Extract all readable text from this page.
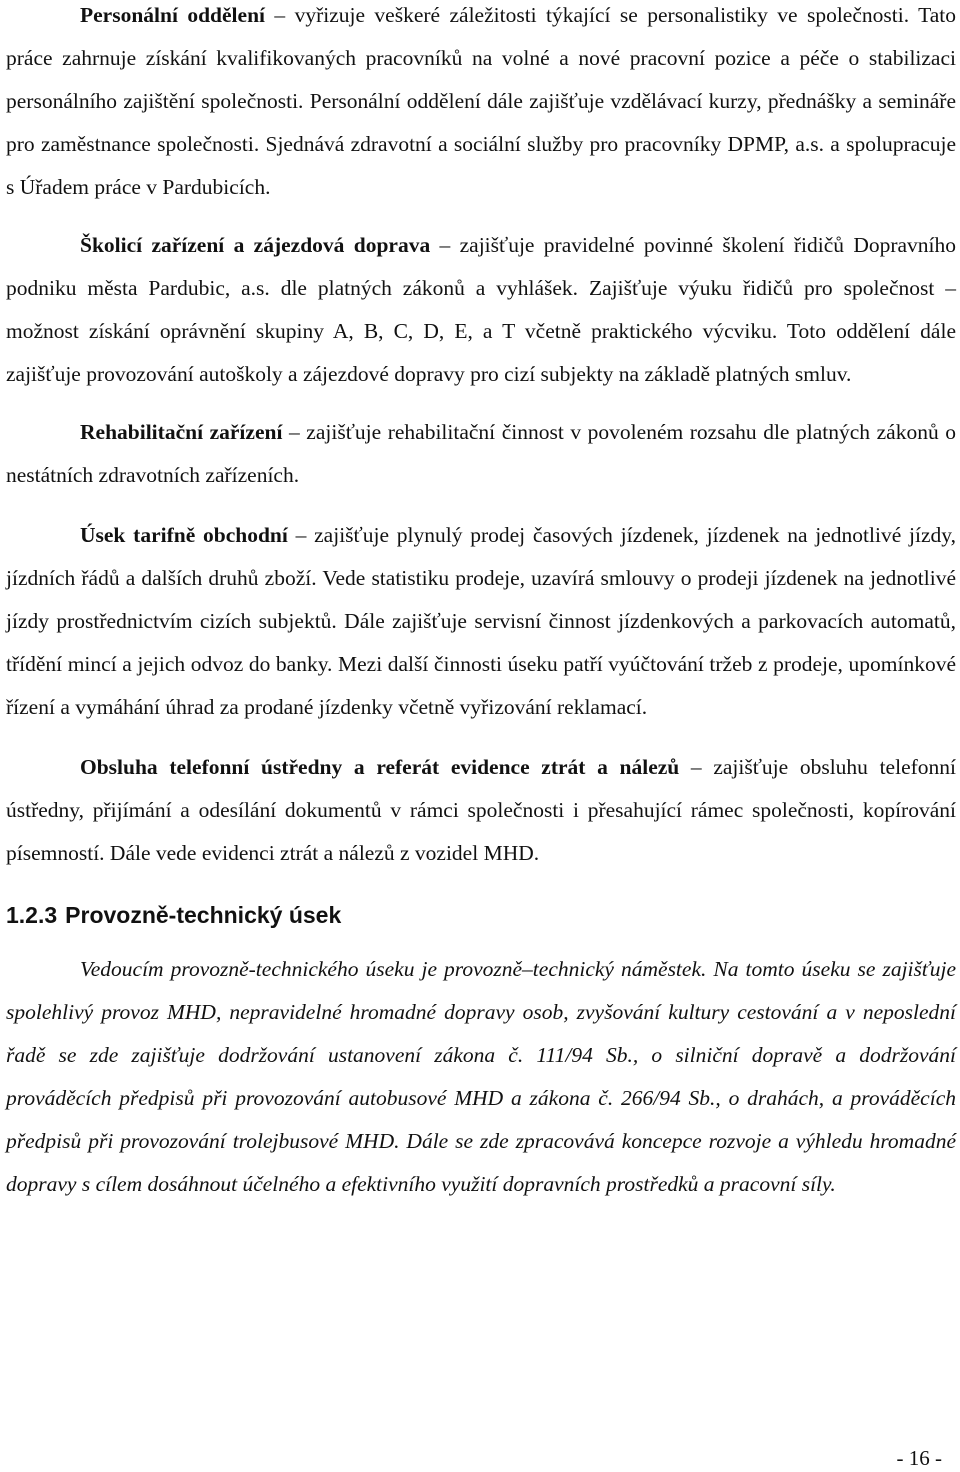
Personální oddělení – vyřizuje veškeré záležitosti týkající se personalistiky ve společnosti. Tato práce zahrnuje získání kvalifikovaných pracovníků na volné a nové pracovní pozice a péče o stabilizaci personálního zajištění společnosti. Personální oddělení dále zajišťuje vzdělávací kurzy, přednášky a semináře pro zaměstnance společnosti. Sjednává zdravotní a sociální služby pro pracovníky DPMP, a.s. a spolupracuje s Úřadem práce v Pardubicích.

Školicí zařízení a zájezdová doprava – zajišťuje pravidelné povinné školení řidičů Dopravního podniku města Pardubic, a.s. dle platných zákonů a vyhlášek. Zajišťuje výuku řidičů pro společnost – možnost získání oprávnění skupiny A, B, C, D, E, a T včetně praktického výcviku. Toto oddělení dále zajišťuje provozování autoškoly a zájezdové dopravy pro cizí subjekty na základě platných smluv.

Rehabilitační zařízení – zajišťuje rehabilitační činnost v povoleném rozsahu dle platných zákonů o nestátních zdravotních zařízeních.

Úsek tarifně obchodní – zajišťuje plynulý prodej časových jízdenek, jízdenek na jednotlivé jízdy, jízdních řádů a dalších druhů zboží. Vede statistiku prodeje, uzavírá smlouvy o prodeji jízdenek na jednotlivé jízdy prostřednictvím cizích subjektů. Dále zajišťuje servisní činnost jízdenkových a parkovacích automatů, třídění mincí a jejich odvoz do banky. Mezi další činnosti úseku patří vyúčtování tržeb z prodeje, upomínkové řízení a vymáhání úhrad za prodané jízdenky včetně vyřizování reklamací.

Obsluha telefonní ústředny a referát evidence ztrát a nálezů – zajišťuje obsluhu telefonní ústředny, přijímání a odesílání dokumentů v rámci společnosti i přesahující rámec společnosti, kopírování písemností. Dále vede evidenci ztrát a nálezů z vozidel MHD.

1.2.3 Provozně-technický úsek

Vedoucím provozně-technického úseku je provozně–technický náměstek. Na tomto úseku se zajišťuje spolehlivý provoz MHD, nepravidelné hromadné dopravy osob, zvyšování kultury cestování a v neposlední řadě se zde zajišťuje dodržování ustanovení zákona č. 111/94 Sb., o silniční dopravě a dodržování prováděcích předpisů při provozování autobusové MHD a zákona č. 266/94 Sb., o drahách, a prováděcích předpisů při provozování trolejbusové MHD. Dále se zde zpracovává koncepce rozvoje a výhledu hromadné dopravy s cílem dosáhnout účelného a efektivního využití dopravních prostředků a pracovní síly.

- 16 -
